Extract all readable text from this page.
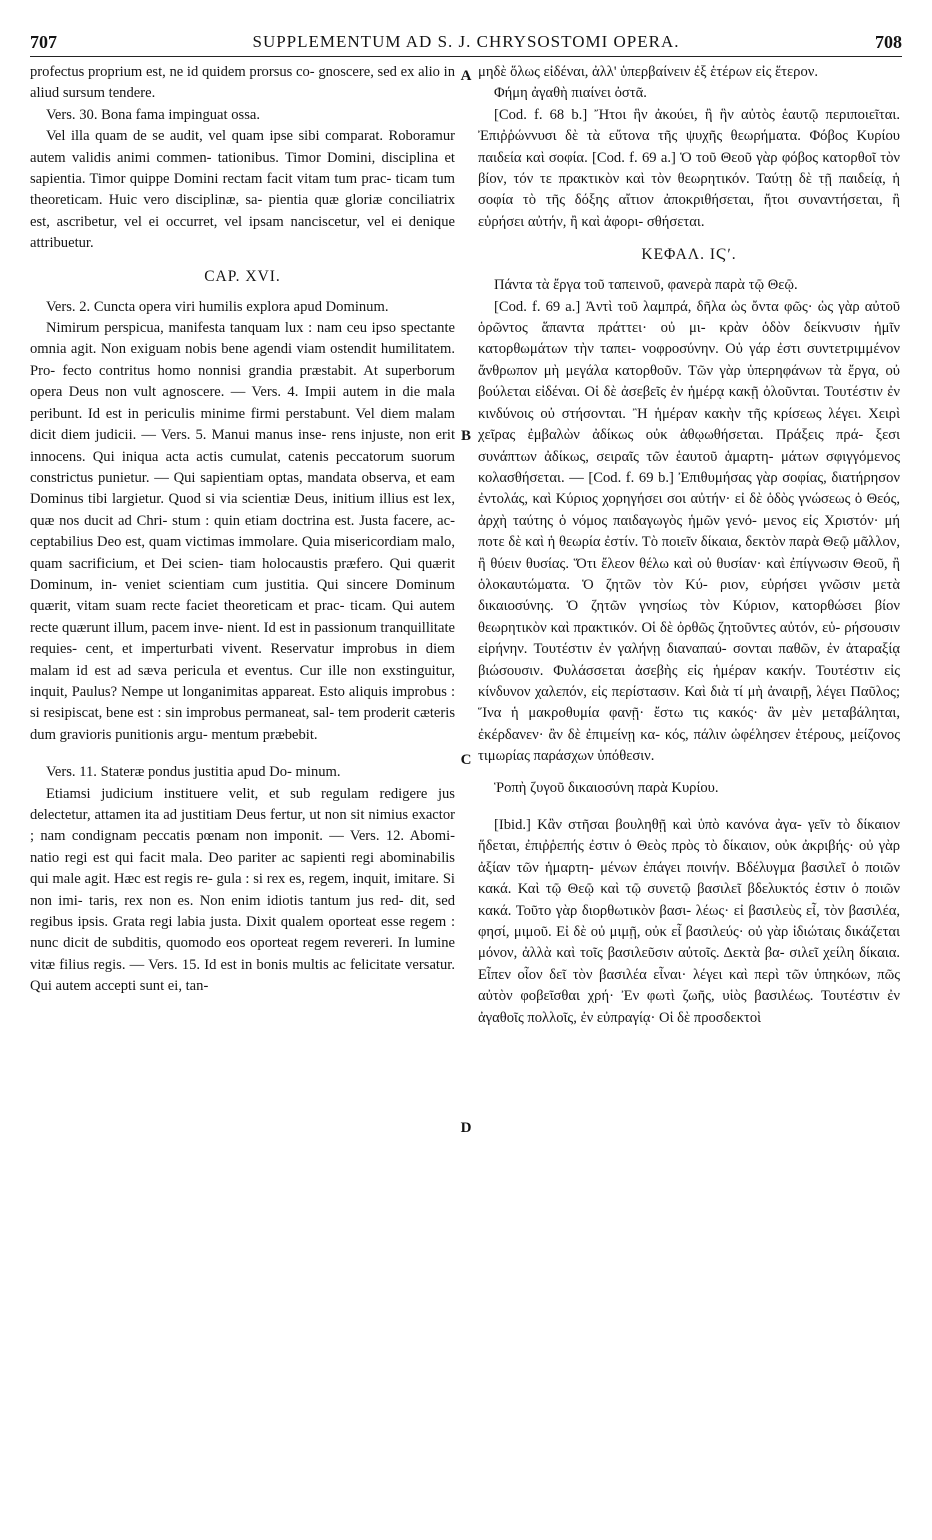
707	SUPPLEMENTUM AD S. J. CHRYSOSTOMI OPERA.	708

profectus proprium est, ne id quidem prorsus co- gnoscere, sed ex alio in aliud sursum tendere.

Vers. 30. Bona fama impinguat ossa.

Vel illa quam de se audit, vel quam ipse sibi comparat. Roboramur autem validis animi commen- tationibus. Timor Domini, disciplina et sapientia. Timor quippe Domini rectam facit vitam tum prac- ticam tum theoreticam. Huic vero disciplinæ, sa- pientia quæ gloriæ conciliatrix est, ascribetur, vel ei occurret, vel ipsam nanciscetur, vel ei denique attribuetur.

CAP. XVI.

Vers. 2. Cuncta opera viri humilis explora apud Dominum.

Nimirum perspicua, manifesta tanquam lux : nam ceu ipso spectante omnia agit. Non exiguam nobis bene agendi viam ostendit humilitatem. Pro- fecto contritus homo nonnisi grandia præstabit. At superborum opera Deus non vult agnoscere. — Vers. 4. Impii autem in die mala peribunt. Id est in periculis minime firmi perstabunt. Vel diem malam dicit diem judicii. — Vers. 5. Manui manus inse- rens injuste, non erit innocens. Qui iniqua acta actis cumulat, catenis peccatorum suorum constrictus punietur. — Qui sapientiam optas, mandata observa, et eam Dominus tibi largietur. Quod si via scientiæ Deus, initium illius est lex, quæ nos ducit ad Chri- stum : quin etiam doctrina est. Justa facere, ac- ceptabilius Deo est, quam victimas immolare. Quia misericordiam malo, quam sacrificium, et Dei scien- tiam holocaustis præfero. Qui quærit Dominum, in- veniet scientiam cum justitia. Qui sincere Dominum quærit, vitam suam recte faciet theoreticam et prac- ticam. Qui autem recte quærunt illum, pacem inve- nient. Id est in passionum tranquillitate requies- cent, et imperturbati vivent. Reservatur improbus in diem malam id est ad sæva pericula et eventus. Cur ille non exstinguitur, inquit, Paulus? Nempe ut longanimitas appareat. Esto aliquis improbus : si resipiscat, bene est : sin improbus permaneat, sal- tem proderit cæteris dum gravioris punitionis argu- mentum præbebit.

Vers. 11. Stateræ pondus justitia apud Do- minum.

Etiamsi judicium instituere velit, et sub regulam redigere jus delectetur, attamen ita ad justitiam Deus fertur, ut non sit nimius exactor ; nam condignam peccatis pœnam non imponit. — Vers. 12. Abomi- natio regi est qui facit mala. Deo pariter ac sapienti regi abominabilis qui male agit. Hæc est regis re- gula : si rex es, regem, inquit, imitare. Si non imi- taris, rex non es. Non enim idiotis tantum jus red- dit, sed regibus ipsis. Grata regi labia justa. Dixit qualem oporteat esse regem : nunc dicit de subditis, quomodo eos oporteat regem revereri. In lumine vitæ filius regis. — Vers. 15. Id est in bonis multis ac felicitate versatur. Qui autem accepti sunt ei, tan-

μηδὲ ὅλως εἰδέναι, ἀλλ' ὑπερβαίνειν ἐξ ἑτέρων εἰς ἕτερον.

Φήμη ἀγαθὴ πιαίνει ὀστᾶ.

[Cod. f. 68 b.] Ἤτοι ἣν ἀκούει, ἢ ἣν αὐτὸς ἑαυτῷ περιποιεῖται. Ἐπιῤῥώννυσι δὲ τὰ εὔτονα τῆς ψυχῆς θεωρήματα. Φόβος Κυρίου παιδεία καὶ σοφία. [Cod. f. 69 a.] Ὁ τοῦ Θεοῦ γὰρ φόβος κατορθοῖ τὸν βίον, τόν τε πρακτικὸν καὶ τὸν θεωρητικόν. Ταύτῃ δὲ τῇ παιδείᾳ, ἡ σοφία τὸ τῆς δόξης αἴτιον ἀποκριθήσεται, ἤτοι συναντήσεται, ἢ εὑρήσει αὐτήν, ἢ καὶ ἀφορι- σθήσεται.

ΚΕΦΑΛ. ΙϚʹ.

Πάντα τὰ ἔργα τοῦ ταπεινοῦ, φανερὰ παρὰ τῷ Θεῷ.

[Cod. f. 69 a.] Ἀντὶ τοῦ λαμπρά, δῆλα ὡς ὄντα φῶς· ὡς γὰρ αὐτοῦ ὁρῶντος ἅπαντα πράττει· οὐ μι- κρὰν ὁδὸν δείκνυσιν ἡμῖν κατορθωμάτων τὴν ταπει- νοφροσύνην. Οὐ γάρ ἐστι συντετριμμένον ἄνθρωπον μὴ μεγάλα κατορθοῦν. Τῶν γὰρ ὑπερηφάνων τὰ ἔργα, οὐ βούλεται εἰδέναι. Οἱ δὲ ἀσεβεῖς ἐν ἡμέρᾳ κακῇ ὀλοῦνται. Τουτέστιν ἐν κινδύνοις οὐ στήσονται. Ἢ ἡμέραν κακὴν τῆς κρίσεως λέγει. Χειρὶ χεῖρας ἐμβαλὼν ἀδίκως οὐκ ἀθῳωθήσεται. Πράξεις πρά- ξεσι συνάπτων ἀδίκως, σειραῖς τῶν ἑαυτοῦ ἁμαρτη- μάτων σφιγγόμενος κολασθήσεται. — [Cod. f. 69 b.] Ἐπιθυμήσας γὰρ σοφίας, διατήρησον ἐντολάς, καὶ Κύριος χορηγήσει σοι αὐτήν· εἰ δὲ ὁδὸς γνώσεως ὁ Θεός, ἀρχὴ ταύτης ὁ νόμος παιδαγωγὸς ἡμῶν γενό- μενος εἰς Χριστόν· μή ποτε δὲ καὶ ἡ θεωρία ἐστίν. Τὸ ποιεῖν δίκαια, δεκτὸν παρὰ Θεῷ μᾶλλον, ἢ θύειν θυσίας. Ὅτι ἔλεον θέλω καὶ οὐ θυσίαν· καὶ ἐπίγνωσιν Θεοῦ, ἢ ὁλοκαυτώματα. Ὁ ζητῶν τὸν Κύ- ριον, εὑρήσει γνῶσιν μετὰ δικαιοσύνης. Ὁ ζητῶν γνησίως τὸν Κύριον, κατορθώσει βίον θεωρητικὸν καὶ πρακτικόν. Οἱ δὲ ὀρθῶς ζητοῦντες αὐτόν, εὑ- ρήσουσιν εἰρήνην. Τουτέστιν ἐν γαλήνῃ διαναπαύ- σονται παθῶν, ἐν ἀταραξίᾳ βιώσουσιν. Φυλάσσεται ἀσεβὴς εἰς ἡμέραν κακήν. Τουτέστιν εἰς κίνδυνον χαλεπόν, εἰς περίστασιν. Καὶ διὰ τί μὴ ἀναιρῇ, λέγει Παῦλος; Ἵνα ἡ μακροθυμία φανῇ· ἔστω τις κακός· ἂν μὲν μεταβάληται, ἐκέρδανεν· ἂν δὲ ἐπιμείνῃ κα- κός, πάλιν ὠφέλησεν ἑτέρους, μείζονος τιμωρίας παράσχων ὑπόθεσιν.

Ῥοπὴ ζυγοῦ δικαιοσύνη παρὰ Κυρίου.

[Ibid.] Κἂν στῆσαι βουληθῇ καὶ ὑπὸ κανόνα ἀγα- γεῖν τὸ δίκαιον ἥδεται, ἐπιῤῥεπής ἐστιν ὁ Θεὸς πρὸς τὸ δίκαιον, οὐκ ἀκριβής· οὐ γὰρ ἀξίαν τῶν ἡμαρτη- μένων ἐπάγει ποινήν. Βδέλυγμα βασιλεῖ ὁ ποιῶν κακά. Καὶ τῷ Θεῷ καὶ τῷ συνετῷ βασιλεῖ βδελυκτός ἐστιν ὁ ποιῶν κακά. Τοῦτο γὰρ διορθωτικὸν βασι- λέως· εἰ βασιλεὺς εἶ, τὸν βασιλέα, φησί, μιμοῦ. Εἰ δὲ οὐ μιμῇ, οὐκ εἶ βασιλεύς· οὐ γὰρ ἰδιώταις δικάζεται μόνον, ἀλλὰ καὶ τοῖς βασιλεῦσιν αὐτοῖς. Δεκτὰ βα- σιλεῖ χείλη δίκαια. Εἶπεν οἷον δεῖ τὸν βασιλέα εἶναι· λέγει καὶ περὶ τῶν ὑπηκόων, πῶς αὐτὸν φοβεῖσθαι χρή· Ἐν φωτὶ ζωῆς, υἱὸς βασιλέως. Τουτέστιν ἐν ἀγαθοῖς πολλοῖς, ἐν εὐπραγίᾳ· Οἱ δὲ προσδεκτοὶ

A
B
C
D
